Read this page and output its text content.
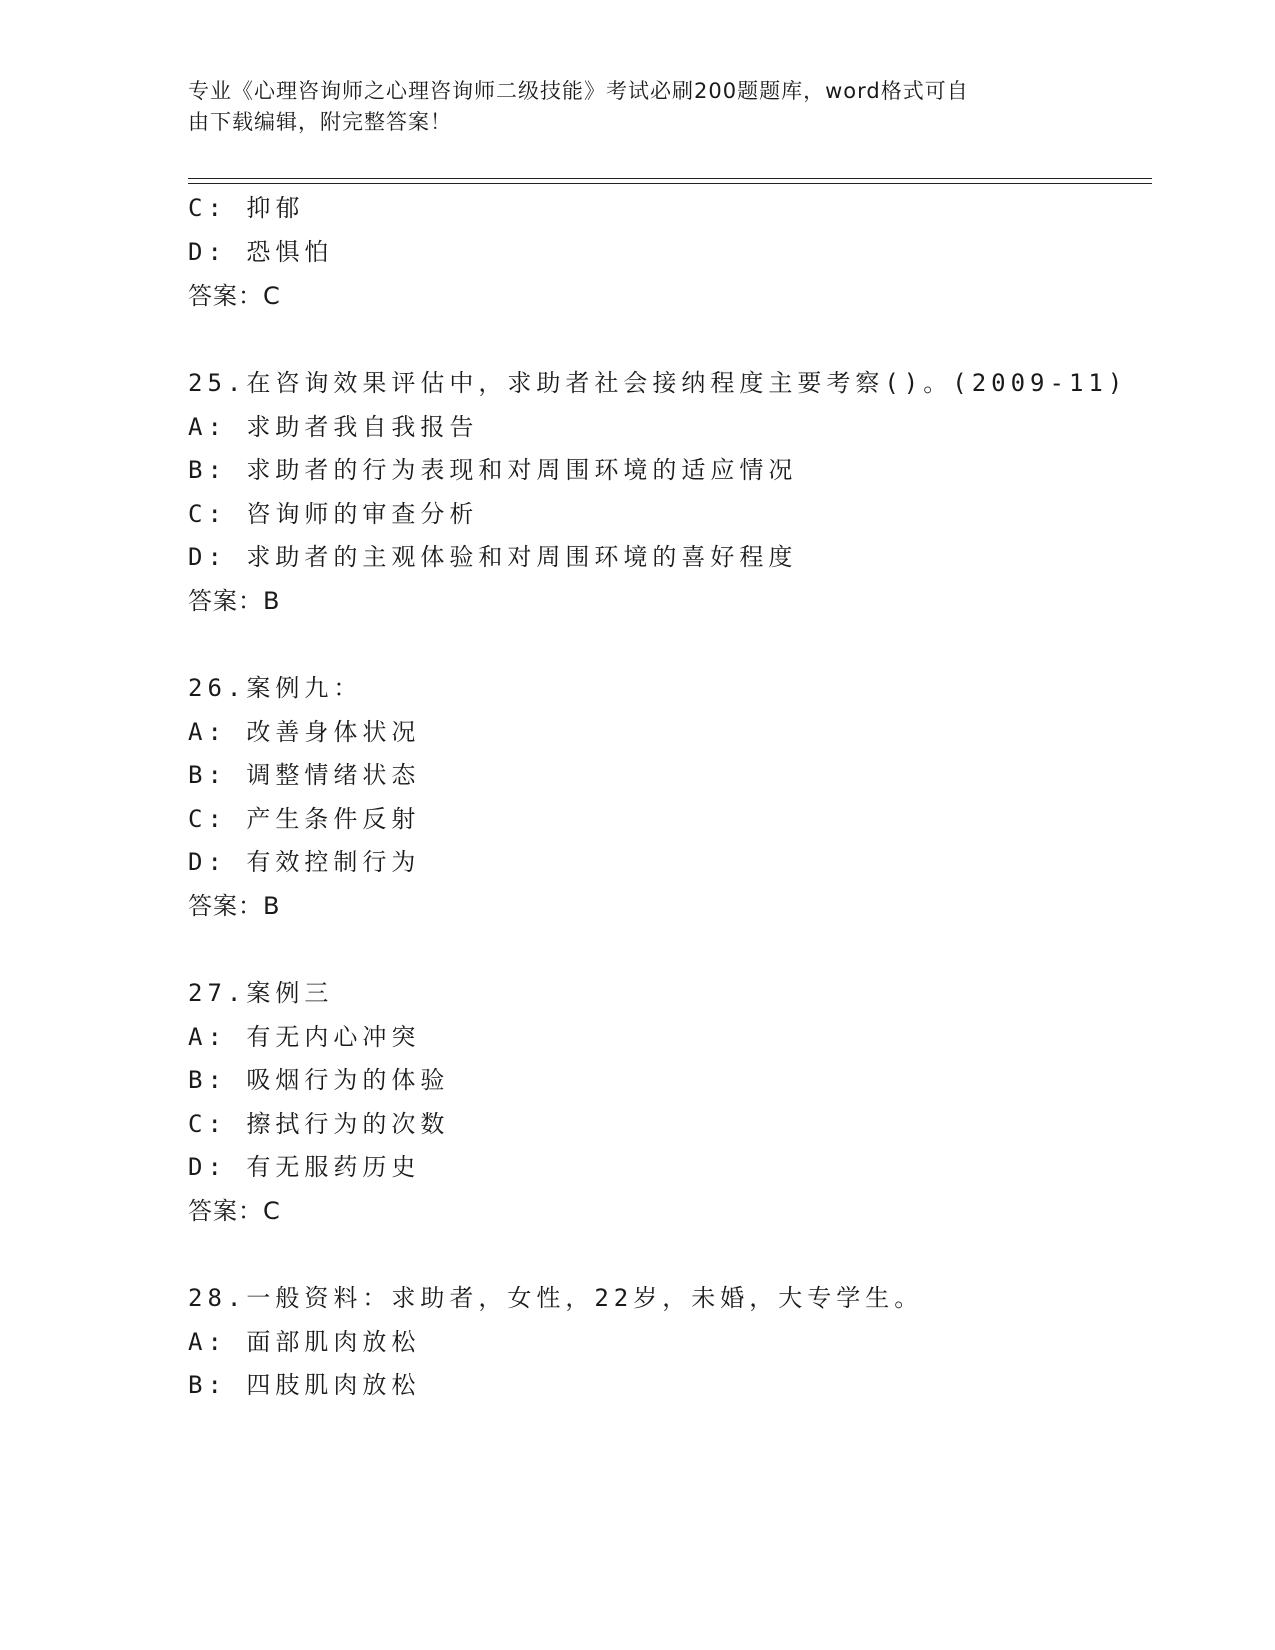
专业《心理咨询师之心理咨询师二级技能》考试必刷200题题库，word格式可自
由下载编辑，附完整答案！
C: 抑郁
D: 恐惧怕
答案：C
25.在咨询效果评估中，求助者社会接纳程度主要考察()。(2009-11)
A: 求助者我自我报告
B: 求助者的行为表现和对周围环境的适应情况
C: 咨询师的审查分析
D: 求助者的主观体验和对周围环境的喜好程度
答案：B
26.案例九：
A: 改善身体状况
B: 调整情绪状态
C: 产生条件反射
D: 有效控制行为
答案：B
27.案例三
A: 有无内心冲突
B: 吸烟行为的体验
C: 擦拭行为的次数
D: 有无服药历史
答案：C
28.一般资料：求助者，女性，22岁，未婚，大专学生。
A: 面部肌肉放松
B: 四肢肌肉放松
